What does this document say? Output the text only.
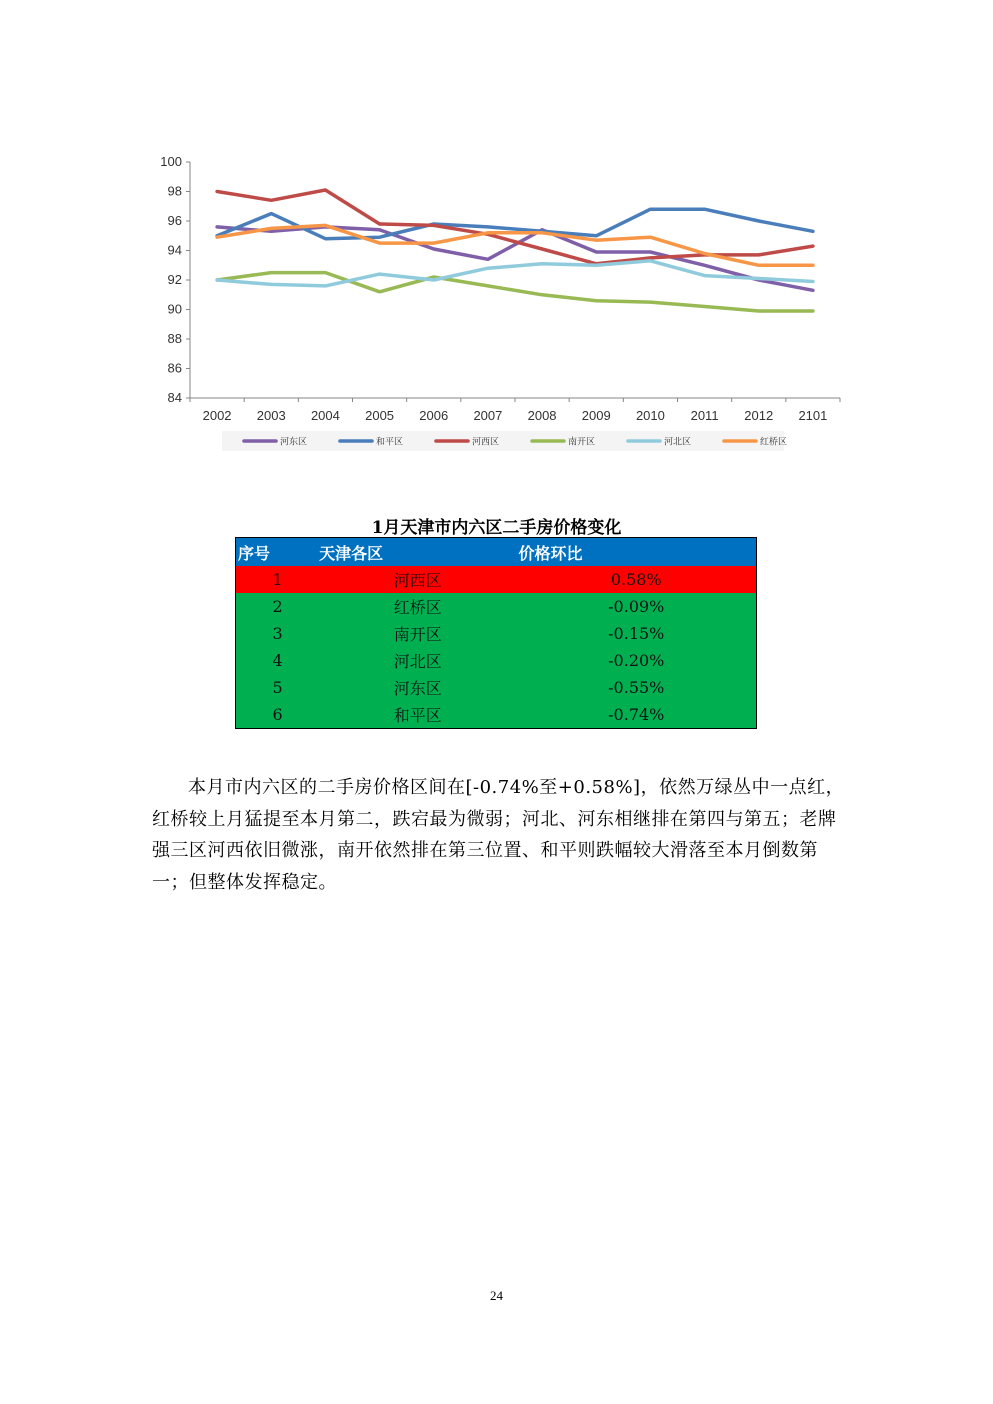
84
86
88
90
92
94
96
98
100
2002 2003 2004 2005 2006 2007 2008 2009 2010 2011 2012 2101
河东区	和平区	河西区	南开区	河北区	红桥区
1月天津市内六区二手房价格变化
序号	天津各区	价格环比
1	河西区	0.58%
2	红桥区	-0.09%
3	南开区	-0.15%
4	河北区	-0.20%
5	河东区	-0.55%
6	和平区	-0.74%

本月市内六区的二手房价格区间在[-0.74%至+0.58%]，依然万绿丛中一点红，红桥较上月猛提至本月第二，跌宕最为微弱；河北、河东相继排在第四与第五；老牌强三区河西依旧微涨，南开依然排在第三位置、和平则跌幅较大滑落至本月倒数第一；但整体发挥稳定。

24
